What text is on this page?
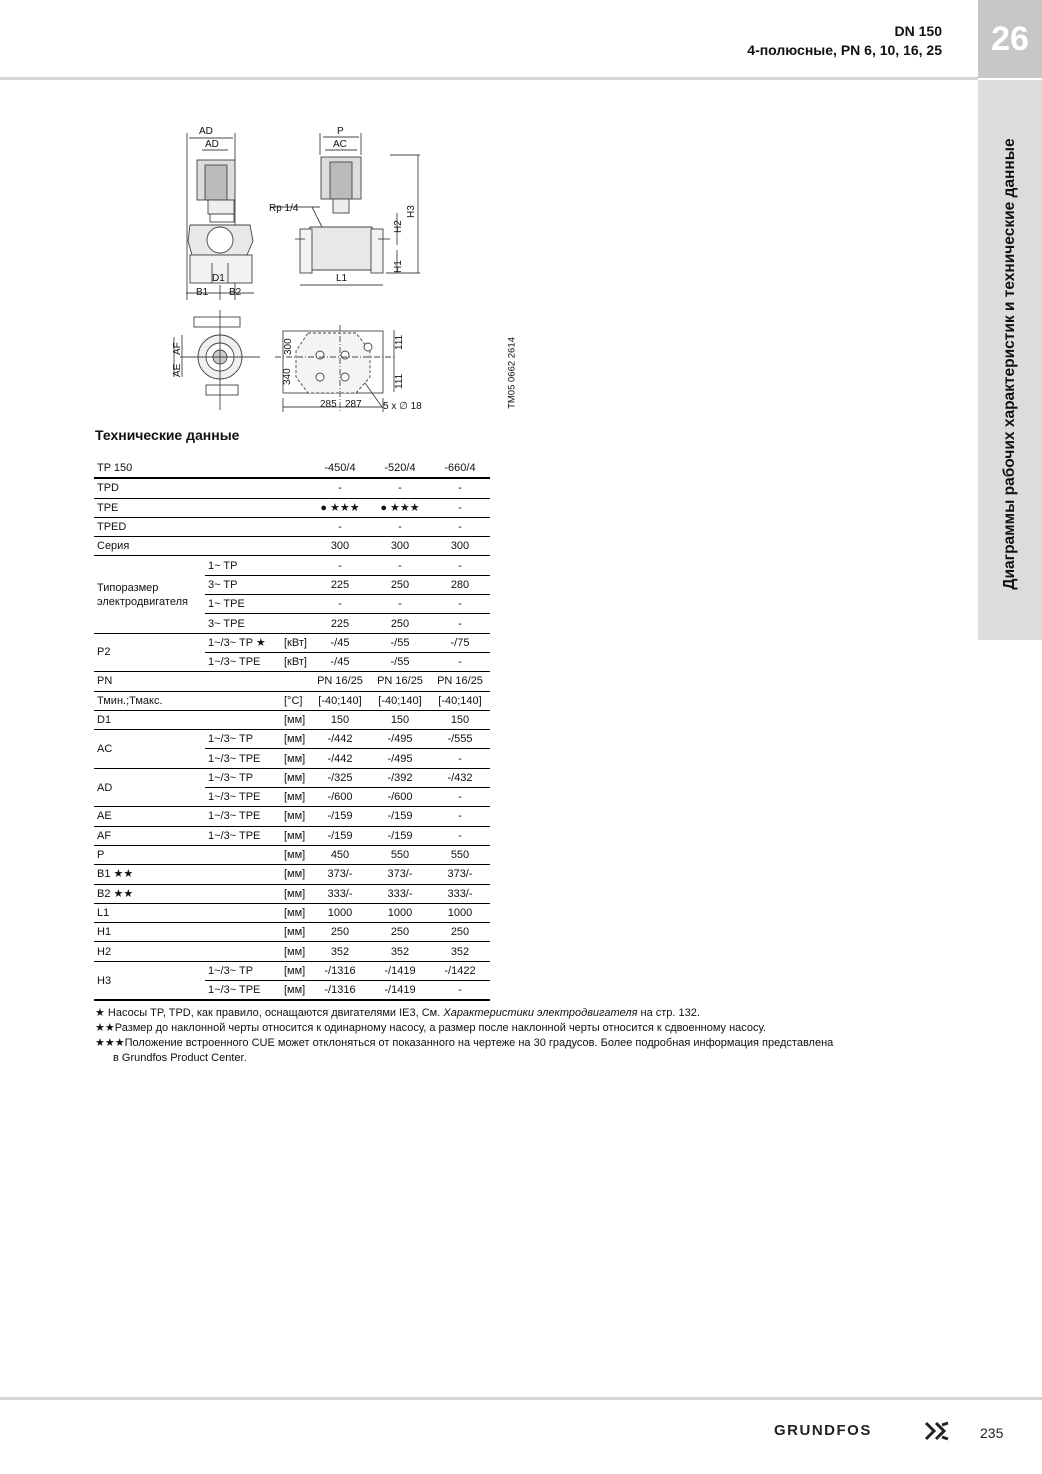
DN 150
4-полюсные, PN 6, 10, 16, 25	26
Диаграммы рабочих характеристик и технические данные
AD
AD
P
AC
Rp 1/4
H1
H2
H3
D1
B1 B2
L1
AE
AF
340
300	111
111
285 287 5 x ∅ 18	TM05 0662 2614
Технические данные
TP 150			-450/4	-520/4	-660/4
TPD			-	-	-
TPE			● ★★★	● ★★★	-
TPED			-	-	-
Серия			300	300	300
Типоразмер
электродвигателя	1~ TP		-	-	-
	3~ TP		225	250	280
	1~ TPE		-	-	-
	3~ TPE		225	250	-
P2	1~/3~ TP ★	[кВт]	-/45	-/55	-/75
	1~/3~ TPE	[кВт]	-/45	-/55	-
PN			PN 16/25	PN 16/25	PN 16/25
Тмин.;Тмакс.		[°C]	[-40;140]	[-40;140]	[-40;140]
D1		[мм]	150	150	150
AC	1~/3~ TP	[мм]	-/442	-/495	-/555
	1~/3~ TPE	[мм]	-/442	-/495	-
AD	1~/3~ TP	[мм]	-/325	-/392	-/432
	1~/3~ TPE	[мм]	-/600	-/600	-
AE	1~/3~ TPE	[мм]	-/159	-/159	-
AF	1~/3~ TPE	[мм]	-/159	-/159	-
P		[мм]	450	550	550
B1 ★★		[мм]	373/-	373/-	373/-
B2 ★★		[мм]	333/-	333/-	333/-
L1		[мм]	1000	1000	1000
H1		[мм]	250	250	250
H2		[мм]	352	352	352
H3	1~/3~ TP	[мм]	-/1316	-/1419	-/1422
	1~/3~ TPE	[мм]	-/1316	-/1419	-

★ Насосы TP, TPD, как правило, оснащаются двигателями IE3, См. Характеристики электродвигателя на стр. 132.

★★Размер до наклонной черты относится к одинарному насосу, а размер после наклонной черты относится к сдвоенному насосу.

★★★Положение встроенного CUE может отклоняться от показанного на чертеже на 30 градусов. Более подробная информация представлена

в Grundfos Product Center.

GRUNDFOS	235
